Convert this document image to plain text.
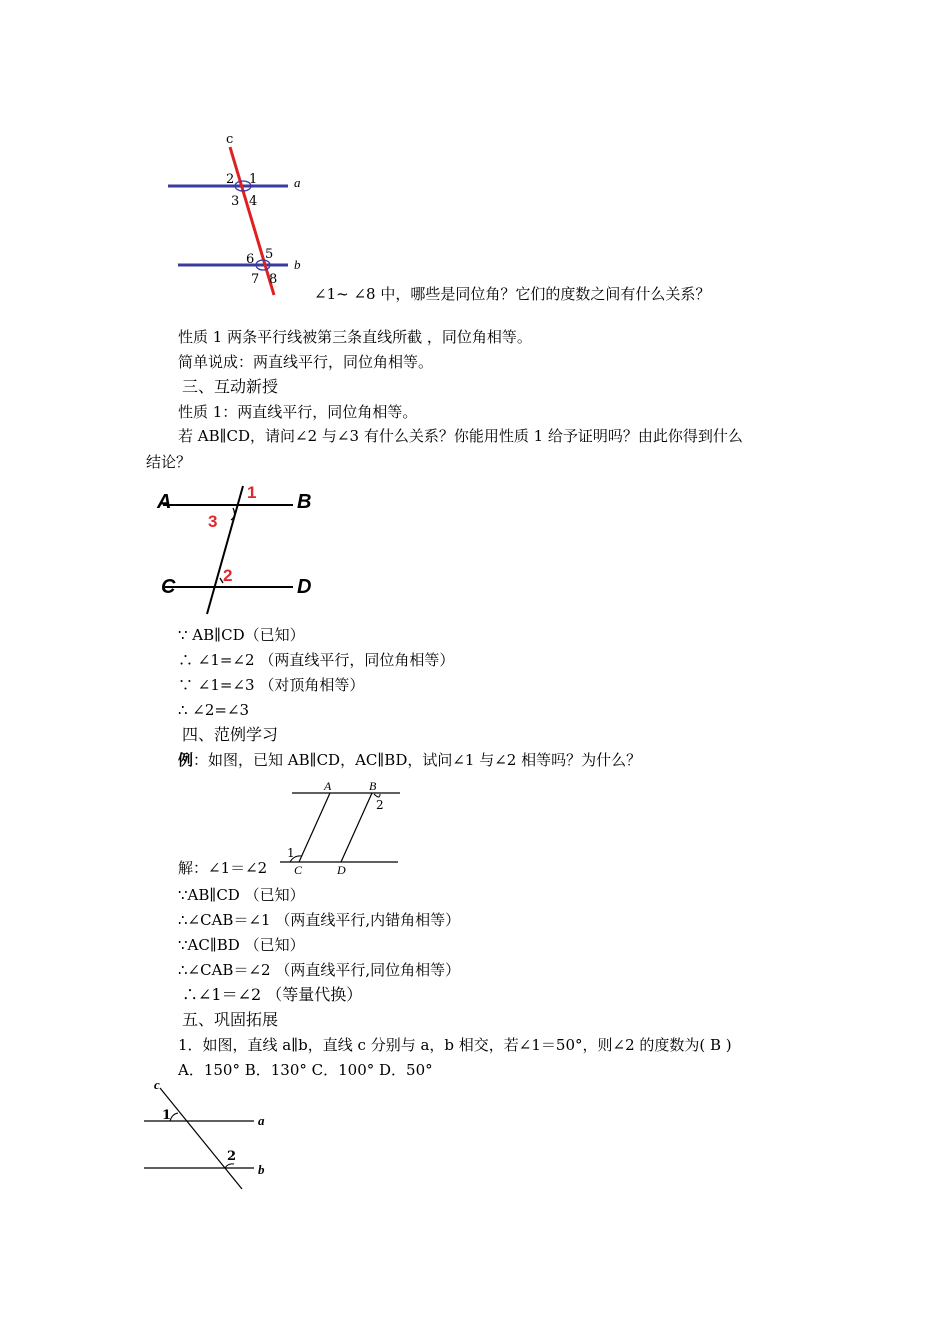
c
a
b
2 1
3 4
5
6
7 8
∠1~ ∠8 中，哪些是同位角？它们的度数之间有什么关系？
性质 1 两条平行线被第三条直线所截 ，同位角相等。
简单说成：两直线平行，同位角相等。
三、互动新授
性质 1：两直线平行，同位角相等。
若 AB∥CD，请问∠2 与∠3 有什么关系？你能用性质 1 给予证明吗？由此你得到什么
结论？
A	B
C	D
1
3
2
∵ AB∥CD（已知）
∴ ∠1=∠2 （两直线平行，同位角相等）
∵ ∠1=∠3 （对顶角相等）
∴ ∠2=∠3
四、范例学习
例：如图，已知 AB∥CD，AC∥BD，试问∠1 与∠2 相等吗？为什么？
A	B
C	D
1
2
解：∠1＝∠2
∵AB∥CD （已知）
∴∠CAB＝∠1 （两直线平行,内错角相等）
∵AC∥BD （已知）
∴∠CAB＝∠2 （两直线平行,同位角相等）
∴∠1＝∠2 （等量代换）
五、巩固拓展
1．如图，直线 a∥b，直线 c 分别与 a，b 相交，若∠1＝50°，则∠2 的度数为( B )
A．150° B．130° C．100° D．50°
c
a
b
1
2
